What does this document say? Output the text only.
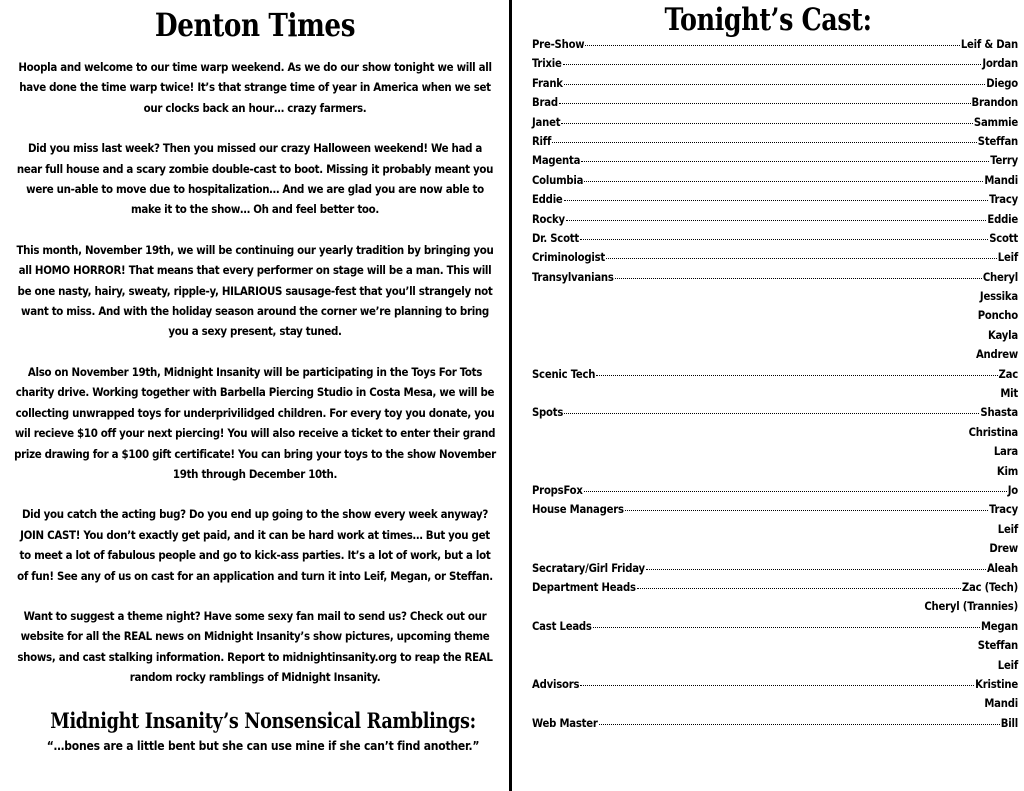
Denton Times

Hoopla and welcome to our time warp weekend. As we do our show tonight we will all have done the time warp twice! It’s that strange time of year in America when we set our clocks back an hour… crazy farmers.

Did you miss last week? Then you missed our crazy Halloween weekend! We had a near full house and a scary zombie double-cast to boot. Missing it probably meant you were un-able to move due to hospitalization… And we are glad you are now able to make it to the show… Oh and feel better too.

This month, November 19th, we will be continuing our yearly tradition by bringing you all HOMO HORROR! That means that every performer on stage will be a man. This will be one nasty, hairy, sweaty, ripple-y, HILARIOUS sausage-fest that you’ll strangely not want to miss. And with the holiday season around the corner we’re planning to bring you a sexy present, stay tuned.

Also on November 19th, Midnight Insanity will be participating in the Toys For Tots charity drive. Working together with Barbella Piercing Studio in Costa Mesa, we will be collecting unwrapped toys for underprivilidged children. For every toy you donate, you wil recieve $10 off your next piercing! You will also receive a ticket to enter their grand prize drawing for a $100 gift certificate! You can bring your toys to the show November 19th through December 10th.

Did you catch the acting bug? Do you end up going to the show every week anyway? JOIN CAST! You don’t exactly get paid, and it can be hard work at times… But you get to meet a lot of fabulous people and go to kick-ass parties. It’s a lot of work, but a lot of fun! See any of us on cast for an application and turn it into Leif, Megan, or Steffan.

Want to suggest a theme night? Have some sexy fan mail to send us? Check out our website for all the REAL news on Midnight Insanity’s show pictures, upcoming theme shows, and cast stalking information. Report to midnightinsanity.org to reap the REAL random rocky ramblings of Midnight Insanity.

Midnight Insanity’s Nonsensical Ramblings:

“…bones are a little bent but she can use mine if she can’t find another.”

Tonight’s Cast:
Pre-Show	Leif & Dan
Trixie	Jordan
Frank	Diego
Brad	Brandon
Janet	Sammie
Riff	Steffan
Magenta	Terry
Columbia	Mandi
Eddie	Tracy
Rocky	Eddie
Dr. Scott	Scott
Criminologist	Leif
Transylvanians	Cheryl
Jessika
Poncho
Kayla
Andrew
Scenic Tech	Zac
Mit
Spots	Shasta
Christina
Lara
Kim
PropsFox	Jo
House Managers	Tracy
Leif
Drew
Secratary/Girl Friday	Aleah
Department Heads	Zac (Tech)
Cheryl (Trannies)
Cast Leads	Megan
Steffan
Leif
Advisors	Kristine
Mandi
Web Master	Bill
